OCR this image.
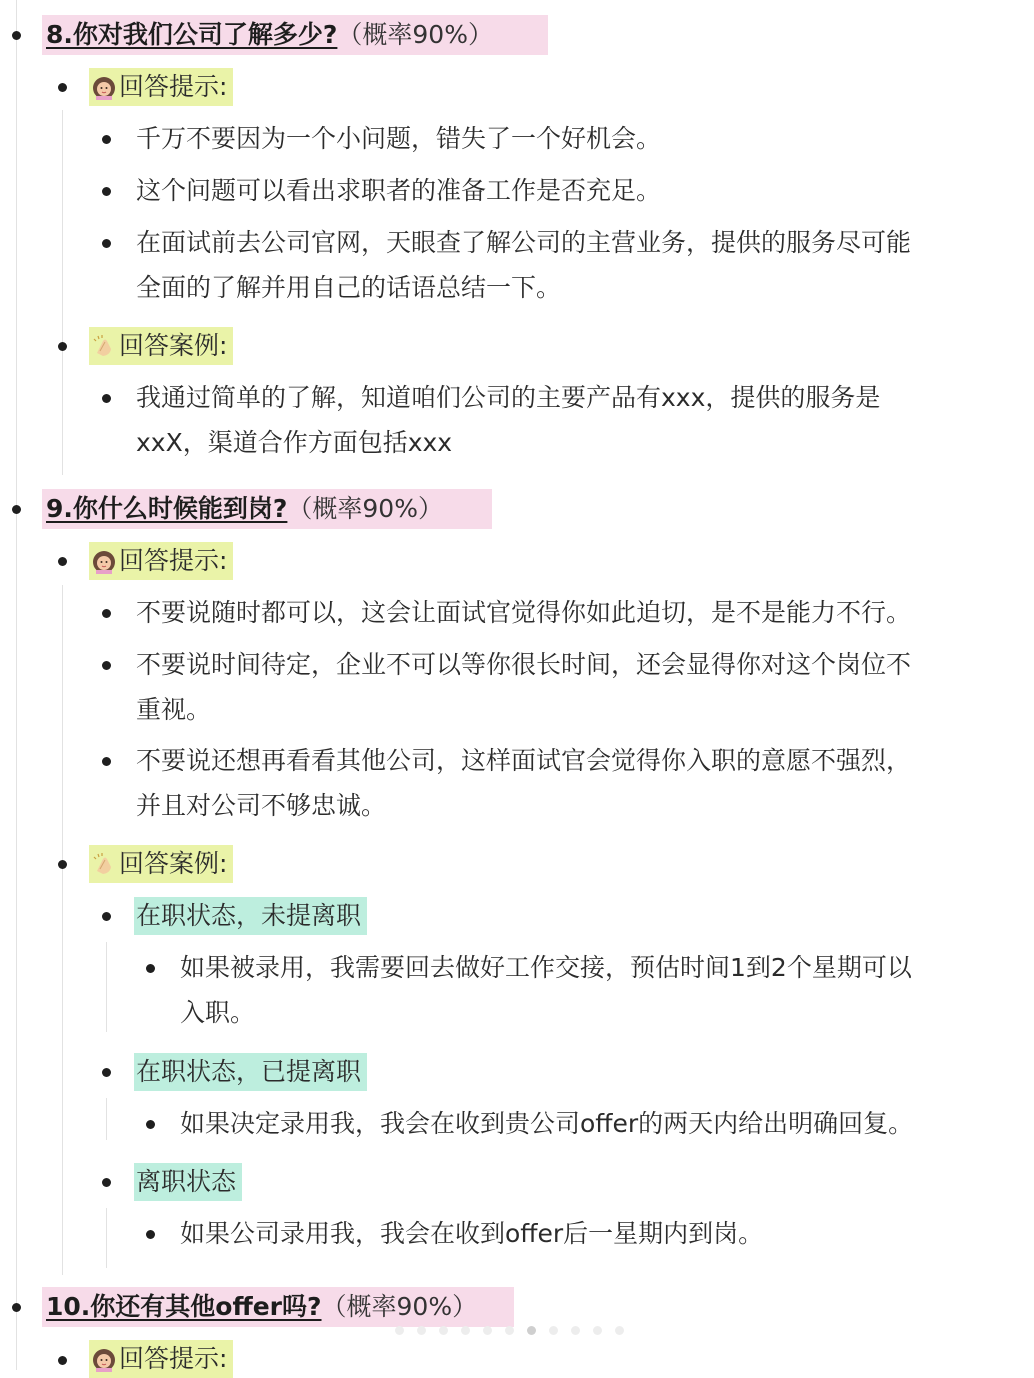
8.你对我们公司了解多少?（概率90%）
回答提示:
千万不要因为一个小问题，错失了一个好机会。
这个问题可以看出求职者的准备工作是否充足。
在面试前去公司官网，天眼查了解公司的主营业务，提供的服务尽可能
全面的了解并用自己的话语总结一下。
回答案例:
我通过简单的了解，知道咱们公司的主要产品有xxx，提供的服务是
xxX，渠道合作方面包括xxx
9.你什么时候能到岗?（概率90%）
回答提示:
不要说随时都可以，这会让面试官觉得你如此迫切，是不是能力不行。
不要说时间待定，企业不可以等你很长时间，还会显得你对这个岗位不
重视。
不要说还想再看看其他公司，这样面试官会觉得你入职的意愿不强烈，
并且对公司不够忠诚。
回答案例:
在职状态，未提离职
如果被录用，我需要回去做好工作交接，预估时间1到2个星期可以
入职。
在职状态，已提离职
如果决定录用我，我会在收到贵公司offer的两天内给出明确回复。
离职状态
如果公司录用我，我会在收到offer后一星期内到岗。
10.你还有其他offer吗?（概率90%）
回答提示:
